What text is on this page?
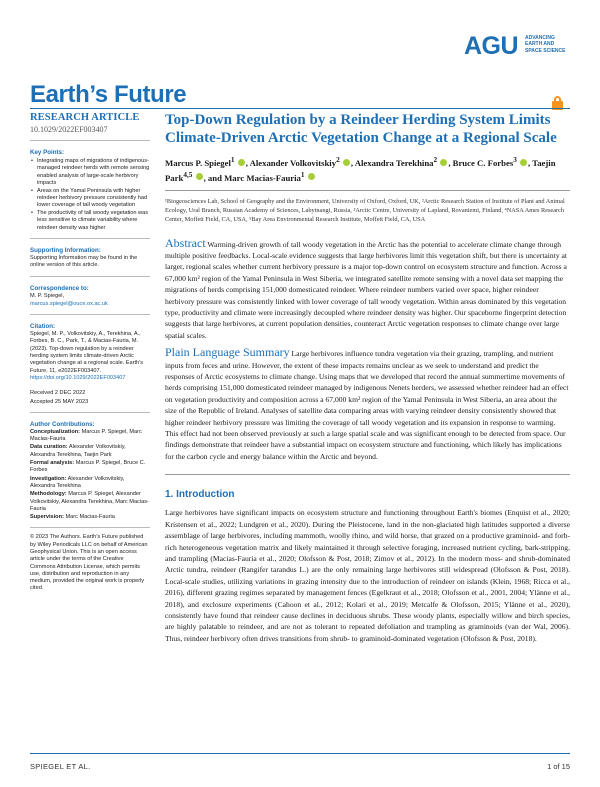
AGU ADVANCING
EARTH AND
SPACE SCIENCE
Earth’s Future
RESEARCH ARTICLE
10.1029/2022EF003407
Key Points:
• Integrating maps of migrations of indigenous-managed reindeer herds with remote sensing enabled analysis of large-scale herbivory impacts
• Areas on the Yamal Peninsula with higher reindeer herbivory pressure consistently had lower coverage of tall woody vegetation
• The productivity of tall woody vegetation was less sensitive to climate variability where reindeer density was higher
Supporting Information:
Supporting Information may be found in the online version of this article.
Correspondence to:
M. P. Spiegel,
marcus.spiegel@ouce.ox.ac.uk
Citation:
Spiegel, M. P., Volkovitskiy, A., Terekhina, A., Forbes, B. C., Park, T., & Macias-Fauria, M. (2023). Top-down regulation by a reindeer herding system limits climate-driven Arctic vegetation change at a regional scale. Earth’s Future, 11, e2022EF003407. https://doi.org/10.1029/2022EF003407
Received 2 DEC 2022
Accepted 25 MAY 2023
Author Contributions:
Conceptualization: Marcus P. Spiegel, Marc Macias-Fauria
Data curation: Alexander Volkovitskiy, Alexandra Terekhina, Taejin Park
Formal analysis: Marcus P. Spiegel, Bruce C. Forbes
Investigation: Alexander Volkovitskiy, Alexandra Terekhina
Methodology: Marcus P. Spiegel, Alexander Volkovitskiy, Alexandra Terekhina, Marc Macias-Fauria
Supervision: Marc Macias-Fauria
© 2023 The Authors. Earth’s Future published by Wiley Periodicals LLC on behalf of American Geophysical Union. This is an open access article under the terms of the Creative Commons Attribution License, which permits use, distribution and reproduction in any medium, provided the original work is properly cited.
Top-Down Regulation by a Reindeer Herding System Limits Climate-Driven Arctic Vegetation Change at a Regional Scale
Marcus P. Spiegel$^1$ , Alexander Volkovitskiy$^2$ , Alexandra Terekhina$^2$ , Bruce C. Forbes$^3$ , Taejin Park$^{4,5}$ , and Marc Macias-Fauria$^1$
¹Biogeosciences Lab, School of Geography and the Environment, University of Oxford, Oxford, UK, ²Arctic Research Station of Institute of Plant and Animal Ecology, Ural Branch, Russian Academy of Sciences, Labytnangi, Russia, ³Arctic Centre, University of Lapland, Rovaniemi, Finland, ⁴NASA Ames Research Center, Moffett Field, CA, USA, ⁵Bay Area Environmental Research Institute, Moffett Field, CA, USA
Abstract Warming-driven growth of tall woody vegetation in the Arctic has the potential to accelerate climate change through multiple positive feedbacks. Local-scale evidence suggests that large herbivores limit this vegetation shift, but there is uncertainty at larger, regional scales whether current herbivory pressure is a major top-down control on ecosystem structure and function. Across a 67,000 km² region of the Yamal Peninsula in West Siberia, we integrated satellite remote sensing with a novel data set mapping the migrations of herds comprising 151,000 domesticated reindeer. Where reindeer numbers varied over space, higher reindeer herbivory pressure was consistently linked with lower coverage of tall woody vegetation. Within areas dominated by this vegetation type, productivity and climate were increasingly decoupled where reindeer density was higher. Our spaceborne fingerprint detection suggests that large herbivores, at current population densities, counteract Arctic vegetation responses to climate change over large spatial scales.
Plain Language Summary Large herbivores influence tundra vegetation via their grazing, trampling, and nutrient inputs from feces and urine. However, the extent of these impacts remains unclear as we seek to understand and predict the responses of Arctic ecosystems to climate change. Using maps that we developed that record the annual summertime movements of herds comprising 151,000 domesticated reindeer managed by indigenous Nenets herders, we assessed whether reindeer had an effect on vegetation productivity and composition across a 67,000 km² region of the Yamal Peninsula in West Siberia, an area about the size of the Republic of Ireland. Analyses of satellite data comparing areas with varying reindeer density consistently showed that higher reindeer herbivory pressure was limiting the coverage of tall woody vegetation and its expansion in response to warming. This effect had not been observed previously at such a large spatial scale and was significant enough to be detected from space. Our findings demonstrate that reindeer have a substantial impact on ecosystem structure and functioning, which likely has implications for the carbon cycle and energy balance within the Arctic and beyond.
1. Introduction
Large herbivores have significant impacts on ecosystem structure and functioning throughout Earth's biomes (Enquist et al., 2020; Kristensen et al., 2022; Lundgren et al., 2020). During the Pleistocene, land in the non-glaciated high latitudes supported a diverse assemblage of large herbivores, including mammoth, woolly rhino, and wild horse, that grazed on a productive graminoid- and forb-rich heterogeneous vegetation matrix and likely maintained it through selective foraging, increased nutrient cycling, bark-stripping, and trampling (Macias-Fauria et al., 2020; Olofsson & Post, 2018; Zimov et al., 2012). In the modern moss- and shrub-dominated Arctic tundra, reindeer (Rangifer tarandus L.) are the only remaining large herbivores still widespread (Olofsson & Post, 2018). Local-scale studies, utilizing variations in grazing intensity due to the introduction of reindeer on islands (Klein, 1968; Ricca et al., 2016), different grazing regimes separated by management fences (Egelkraut et al., 2018; Olofsson et al., 2001, 2004; Ylänne et al., 2018), and exclosure experiments (Cahoon et al., 2012; Kolari et al., 2019; Metcalfe & Olofsson, 2015; Ylänne et al., 2020), consistently have found that reindeer cause declines in deciduous shrubs. These woody plants, especially willow and birch species, are highly palatable to reindeer, and are not as tolerant to repeated defoliation and trampling as graminoids (van der Wal, 2006). Thus, reindeer herbivory often drives transitions from shrub- to graminoid-dominated vegetation (Olofsson & Post, 2018).
SPIEGEL ET AL.	1 of 15
